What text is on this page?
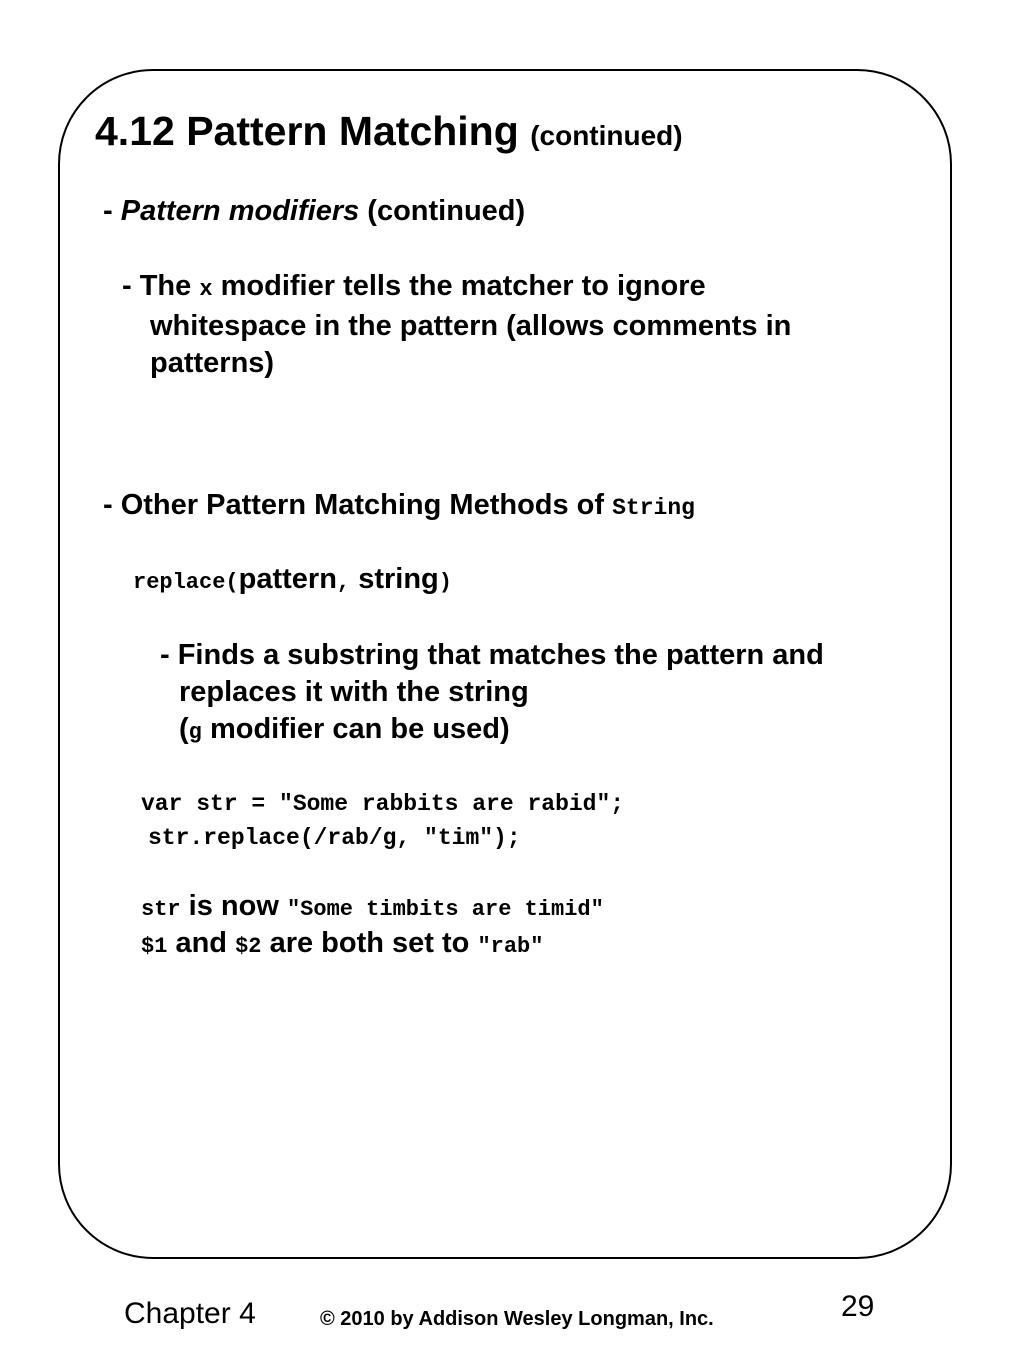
4.12 Pattern Matching (continued)
- Pattern modifiers (continued)
- The x modifier tells the matcher to ignore
whitespace in the pattern (allows comments in
patterns)
- Other Pattern Matching Methods of String
replace(pattern, string)
- Finds a substring that matches the pattern and
replaces it with the string
(g modifier can be used)
var str = "Some rabbits are rabid";
str.replace(/rab/g, "tim");
str is now "Some timbits are timid"
$1 and $2 are both set to "rab"
Chapter 4	© 2010 by Addison Wesley Longman, Inc.	29
